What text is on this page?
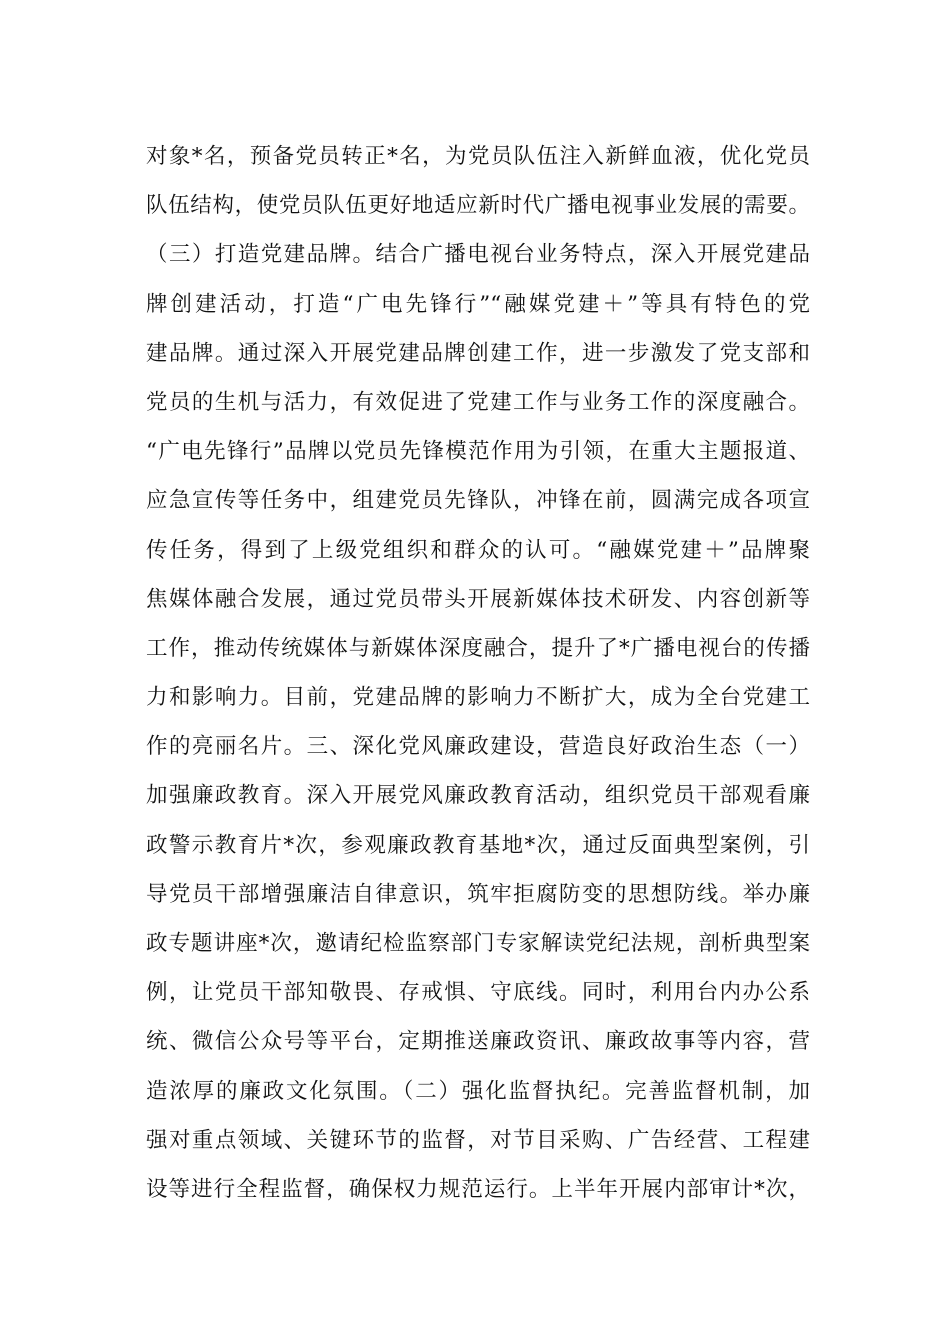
对象*名，预备党员转正*名，为党员队伍注入新鲜血液，优化党员
队伍结构，使党员队伍更好地适应新时代广播电视事业发展的需要。
（三）打造党建品牌。结合广播电视台业务特点，深入开展党建品
牌创建活动，打造“广电先锋行”“融媒党建＋”等具有特色的党
建品牌。通过深入开展党建品牌创建工作，进一步激发了党支部和
党员的生机与活力，有效促进了党建工作与业务工作的深度融合。
“广电先锋行”品牌以党员先锋模范作用为引领，在重大主题报道、
应急宣传等任务中，组建党员先锋队，冲锋在前，圆满完成各项宣
传任务，得到了上级党组织和群众的认可。“融媒党建＋”品牌聚
焦媒体融合发展，通过党员带头开展新媒体技术研发、内容创新等
工作，推动传统媒体与新媒体深度融合，提升了*广播电视台的传播
力和影响力。目前，党建品牌的影响力不断扩大，成为全台党建工
作的亮丽名片。三、深化党风廉政建设，营造良好政治生态（一）
加强廉政教育。深入开展党风廉政教育活动，组织党员干部观看廉
政警示教育片*次，参观廉政教育基地*次，通过反面典型案例，引
导党员干部增强廉洁自律意识，筑牢拒腐防变的思想防线。举办廉
政专题讲座*次，邀请纪检监察部门专家解读党纪法规，剖析典型案
例，让党员干部知敬畏、存戒惧、守底线。同时，利用台内办公系
统、微信公众号等平台，定期推送廉政资讯、廉政故事等内容，营
造浓厚的廉政文化氛围。（二）强化监督执纪。完善监督机制，加
强对重点领域、关键环节的监督，对节目采购、广告经营、工程建
设等进行全程监督，确保权力规范运行。上半年开展内部审计*次，
